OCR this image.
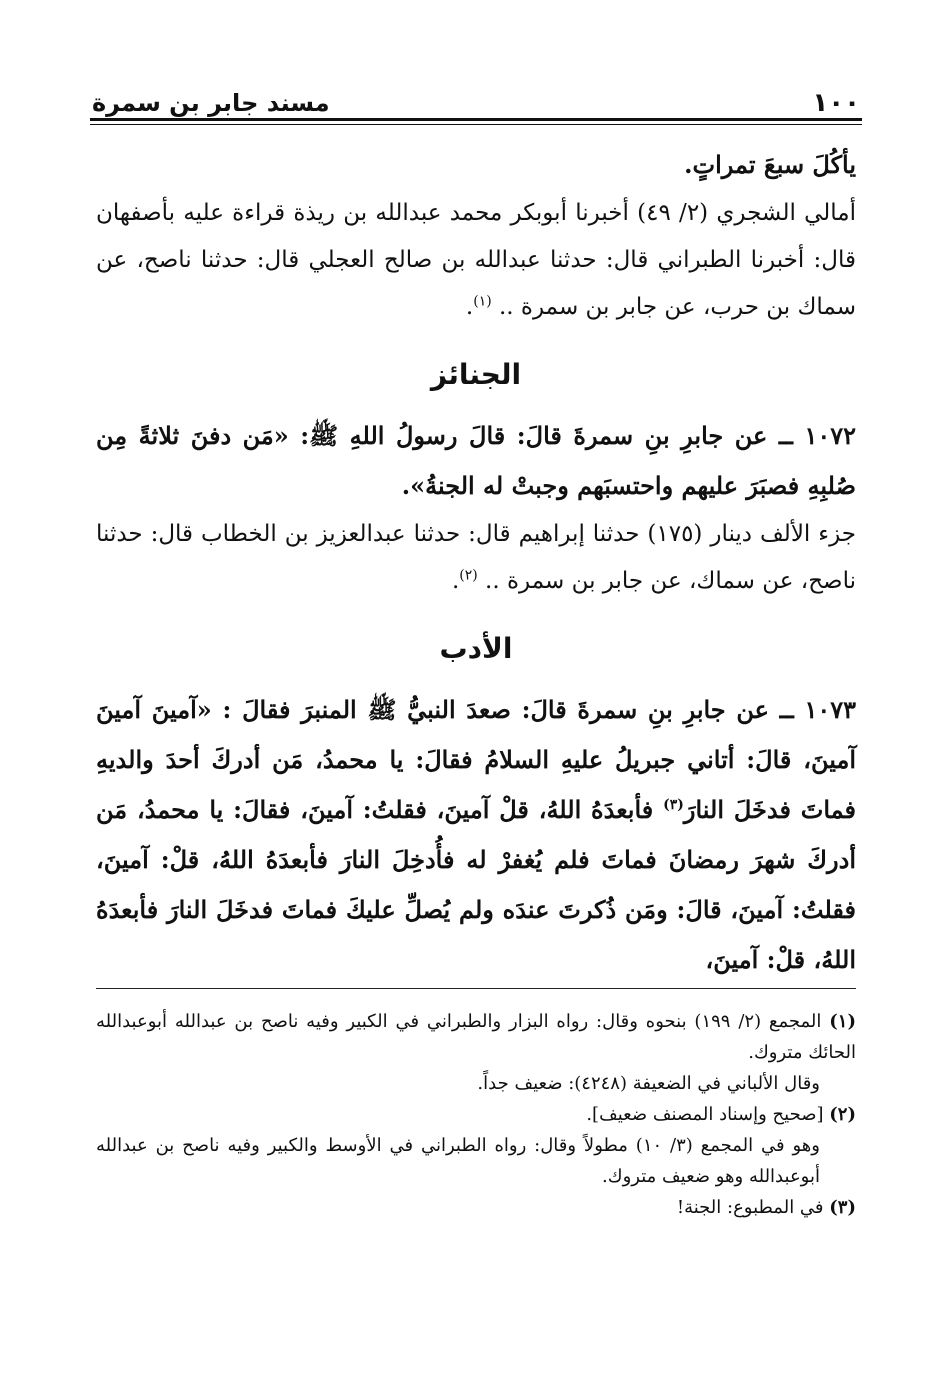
١٠٠
مسند جابر بن سمرة

يأكُلَ سبعَ تمراتٍ.

أمالي الشجري (٢/ ٤٩) أخبرنا أبوبكر محمد عبدالله بن ريذة قراءة عليه بأصفهان قال: أخبرنا الطبراني قال: حدثنا عبدالله بن صالح العجلي قال: حدثنا ناصح، عن سماك بن حرب، عن جابر بن سمرة .. $^{(١)}$.

الجنائز

١٠٧٢ ــ عن جابرِ بنِ سمرةَ قالَ: قالَ رسولُ اللهِ ﷺ: «مَن دفنَ ثلاثةً مِن صُلبِهِ فصبَرَ عليهم واحتسبَهم وجبتْ له الجنةُ».

جزء الألف دينار (١٧٥) حدثنا إبراهيم قال: حدثنا عبدالعزيز بن الخطاب قال: حدثنا ناصح، عن سماك، عن جابر بن سمرة .. $^{(٢)}$.

الأدب

١٠٧٣ ــ عن جابرِ بنِ سمرةَ قالَ: صعدَ النبيُّ ﷺ المنبرَ فقالَ : «آمينَ آمينَ آمينَ، قالَ: أتاني جبريلُ عليهِ السلامُ فقالَ: يا محمدُ، مَن أدركَ أحدَ والديهِ فماتَ فدخَلَ النارَ$^{(٣)}$ فأبعدَهُ اللهُ، قلْ آمينَ، فقلتُ: آمينَ، فقالَ: يا محمدُ، مَن أدركَ شهرَ رمضانَ فماتَ فلم يُغفرْ له فأُدخِلَ النارَ فأبعدَهُ اللهُ، قلْ: آمينَ، فقلتُ: آمينَ، قالَ: ومَن ذُكرتَ عندَه ولم يُصلِّ عليكَ فماتَ فدخَلَ النارَ فأبعدَهُ اللهُ، قلْ: آمينَ،

(١) المجمع (٢/ ١٩٩) بنحوه وقال: رواه البزار والطبراني في الكبير وفيه ناصح بن عبدالله أبوعبدالله الحائك متروك.

وقال الألباني في الضعيفة (٤٢٤٨): ضعيف جداً.

(٢) [صحيح وإسناد المصنف ضعيف].

وهو في المجمع (٣/ ١٠) مطولاً وقال: رواه الطبراني في الأوسط والكبير وفيه ناصح بن عبدالله أبوعبدالله وهو ضعيف متروك.

(٣) في المطبوع: الجنة!
